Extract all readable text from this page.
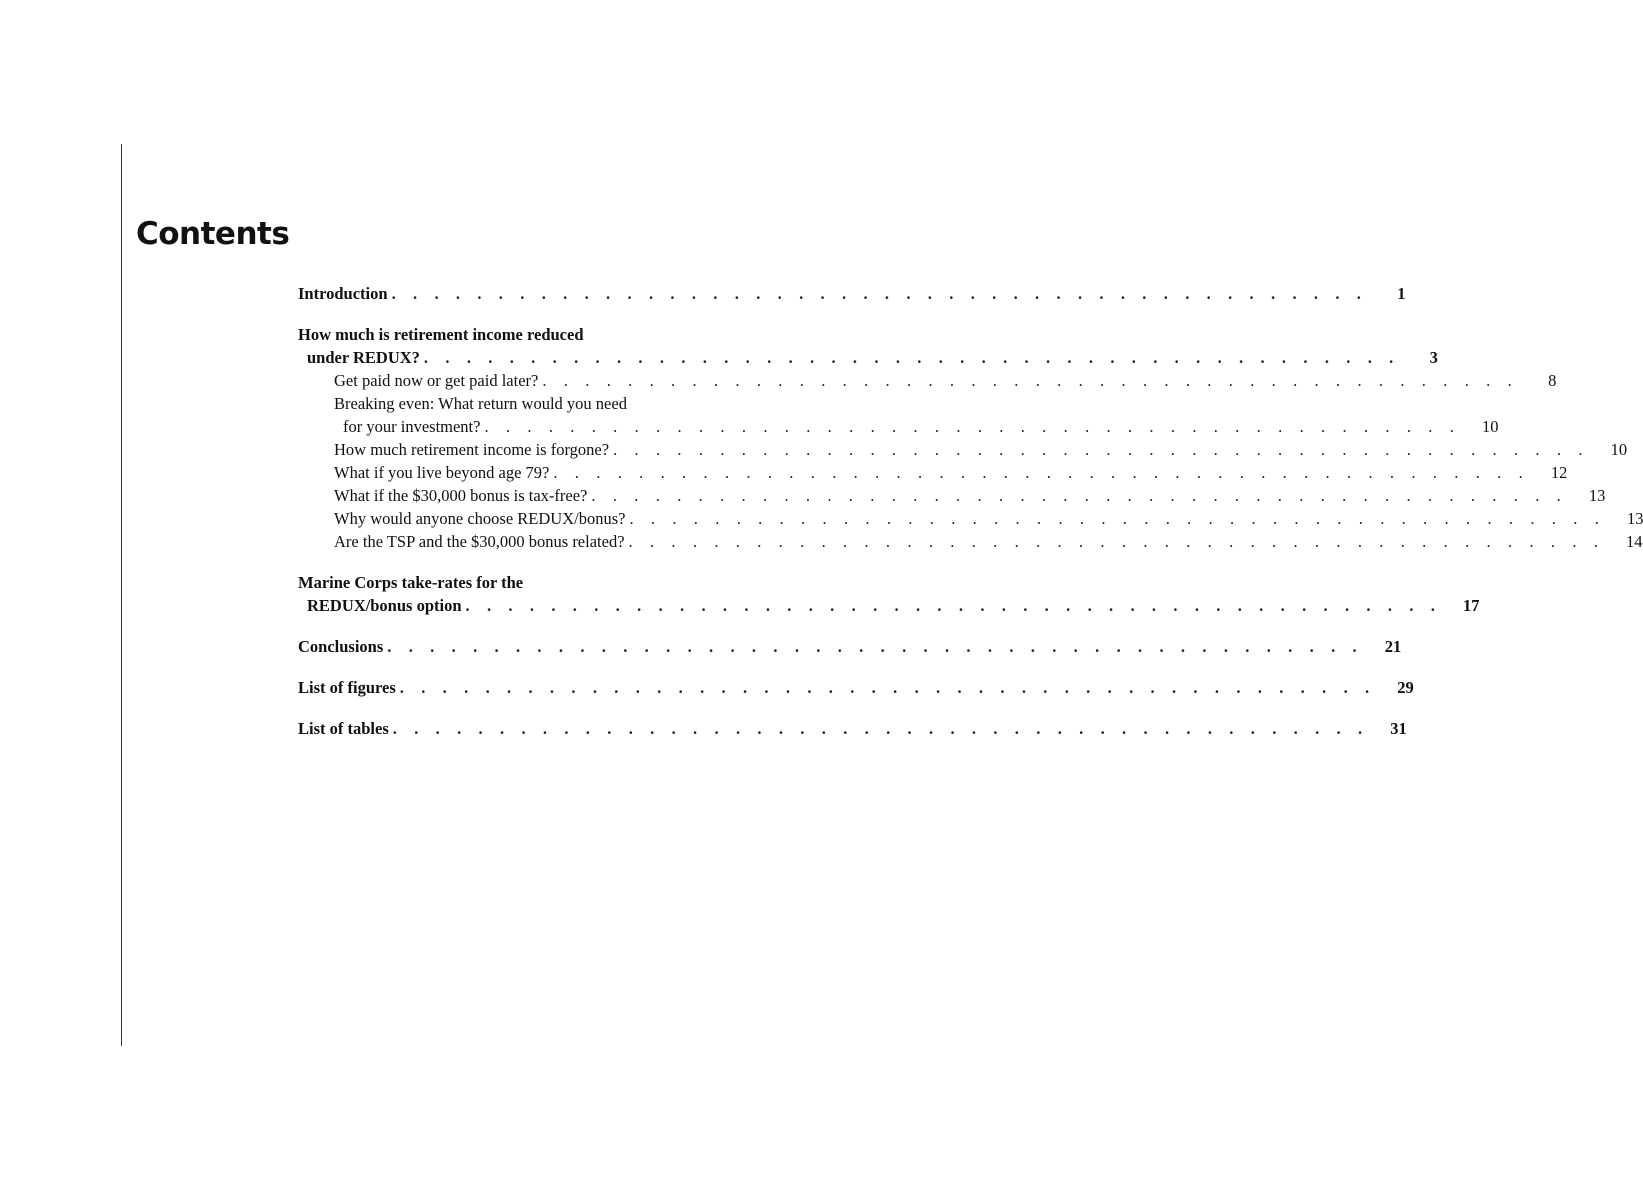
Contents
Introduction . . . . . . . . . . . . . . . . . . . . . . . . . . . . . . . . . . . . . . . . . . . . . .	1
How much is retirement income reduced
under REDUX? . . . . . . . . . . . . . . . . . . . . . . . . . . . . . . . . . . . . . . . . . . . . . .	3
Get paid now or get paid later? . . . . . . . . . . . . . . . . . . . . . . . . . . . . . . . . . . . . . . . . . . . . . .	8
Breaking even: What return would you need
for your investment? . . . . . . . . . . . . . . . . . . . . . . . . . . . . . . . . . . . . . . . . . . . . . .	10
How much retirement income is forgone? . . . . . . . . . . . . . . . . . . . . . . . . . . . . . . . . . . . . . . . . . . . . . .	10
What if you live beyond age 79? . . . . . . . . . . . . . . . . . . . . . . . . . . . . . . . . . . . . . . . . . . . . . .	12
What if the $30,000 bonus is tax-free? . . . . . . . . . . . . . . . . . . . . . . . . . . . . . . . . . . . . . . . . . . . . . .	13
Why would anyone choose REDUX/bonus? . . . . . . . . . . . . . . . . . . . . . . . . . . . . . . . . . . . . . . . . . . . . . .	13
Are the TSP and the $30,000 bonus related? . . . . . . . . . . . . . . . . . . . . . . . . . . . . . . . . . . . . . . . . . . . . . .	14
Marine Corps take-rates for the
REDUX/bonus option . . . . . . . . . . . . . . . . . . . . . . . . . . . . . . . . . . . . . . . . . . . . . .	17
Conclusions . . . . . . . . . . . . . . . . . . . . . . . . . . . . . . . . . . . . . . . . . . . . . .	21
List of figures . . . . . . . . . . . . . . . . . . . . . . . . . . . . . . . . . . . . . . . . . . . . . .	29
List of tables . . . . . . . . . . . . . . . . . . . . . . . . . . . . . . . . . . . . . . . . . . . . . .	31
